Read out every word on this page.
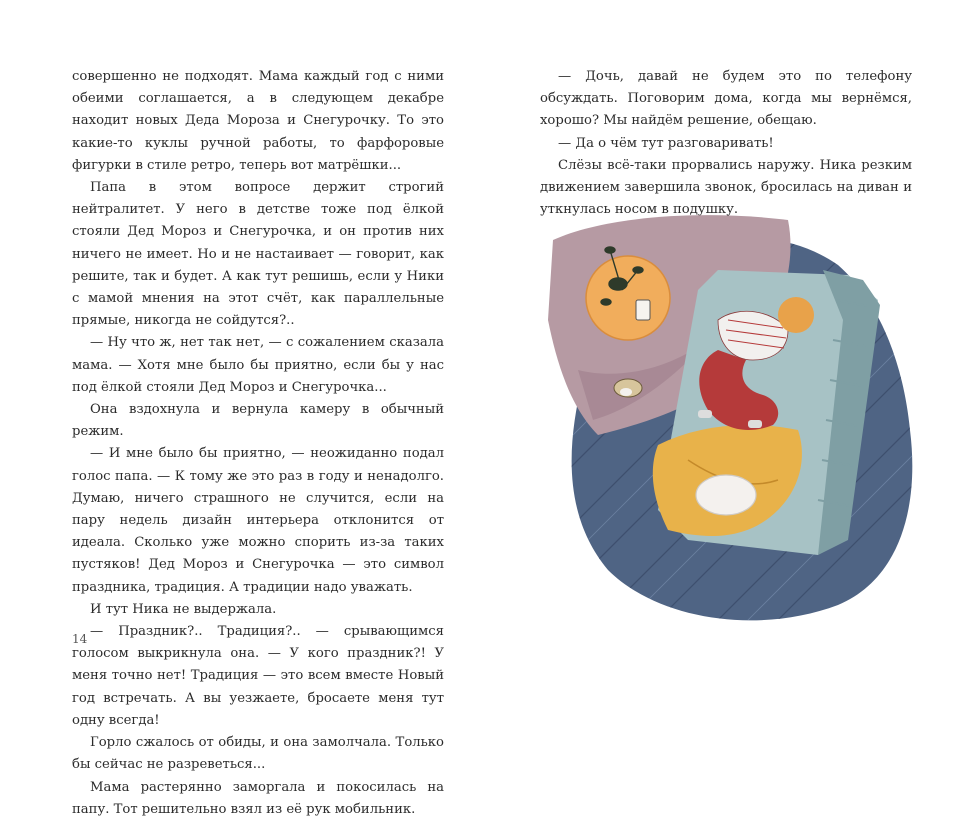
совершенно не подходят. Мама каждый год с ними обеими соглашается, а в следующем декабре находит новых Деда Мороза и Снегурочку. То это какие-то куклы ручной работы, то фарфоровые фигурки в стиле ретро, теперь вот матрёшки...

Папа в этом вопросе держит строгий нейтралитет. У него в детстве тоже под ёлкой стояли Дед Мороз и Снегурочка, и он против них ничего не имеет. Но и не настаивает — говорит, как решите, так и будет. А как тут решишь, если у Ники с мамой мнения на этот счёт, как параллельные прямые, никогда не сойдутся?..

— Ну что ж, нет так нет, — с сожалением сказала мама. — Хотя мне было бы приятно, если бы у нас под ёлкой стояли Дед Мороз и Снегурочка...

Она вздохнула и вернула камеру в обычный режим.

— И мне было бы приятно, — неожиданно подал голос папа. — К тому же это раз в году и ненадолго. Думаю, ничего страшного не случится, если на пару недель дизайн интерьера отклонится от идеала. Сколько уже можно спорить из-за таких пустяков! Дед Мороз и Снегурочка — это символ праздника, традиция. А традиции надо уважать.

И тут Ника не выдержала.

— Праздник?.. Традиция?.. — срывающимся голосом выкрикнула она. — У кого праздник?! У меня точно нет! Традиция — это всем вместе Новый год встречать. А вы уезжаете, бросаете меня тут одну всегда!

Горло сжалось от обиды, и она замолчала. Только бы сейчас не разреветься...

Мама растерянно заморгала и покосилась на папу. Тот решительно взял из её рук мобильник.

14

— Дочь, давай не будем это по телефону обсуждать. Поговорим дома, когда мы вернёмся, хорошо? Мы найдём решение, обещаю.

— Да о чём тут разговаривать!

Слёзы всё-таки прорвались наружу. Ника резким движением завершила звонок, бросилась на диван и уткнулась носом в подушку.
